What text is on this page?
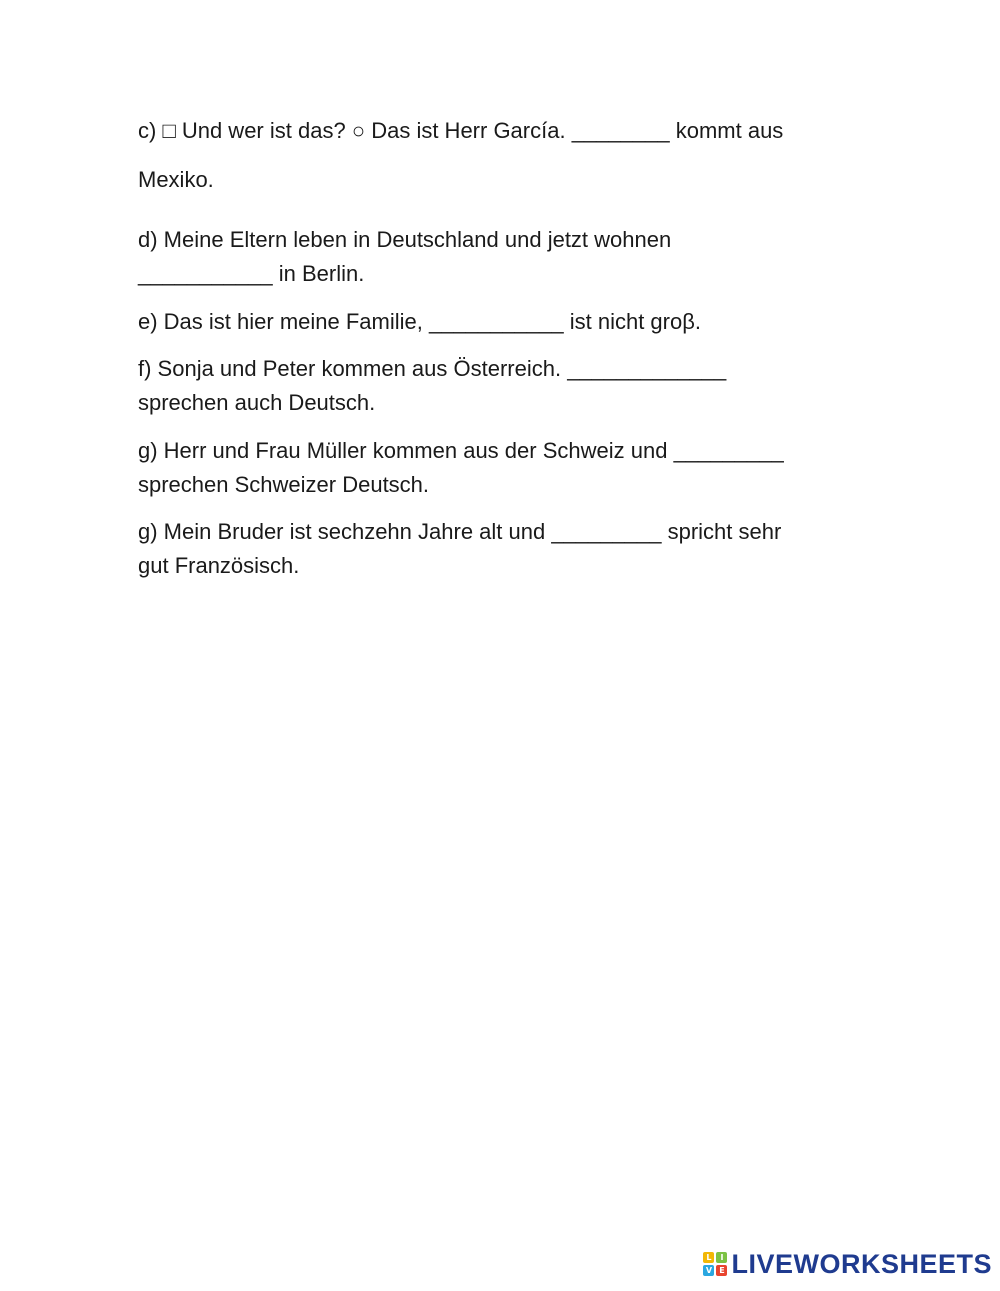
c) □ Und wer ist das? ○ Das ist Herr García. ________ kommt aus

Mexiko.

d) Meine Eltern leben in Deutschland und jetzt wohnen
___________ in Berlin.

e) Das ist hier meine Familie, ___________ ist nicht groβ.

f) Sonja und Peter kommen aus Österreich. _____________
sprechen auch Deutsch.

g) Herr und Frau Müller kommen aus der Schweiz und _________
sprechen Schweizer Deutsch.

g) Mein Bruder ist sechzehn Jahre alt und _________ spricht sehr
gut Französisch.

L	I
V E LIVEWORKSHEETS
